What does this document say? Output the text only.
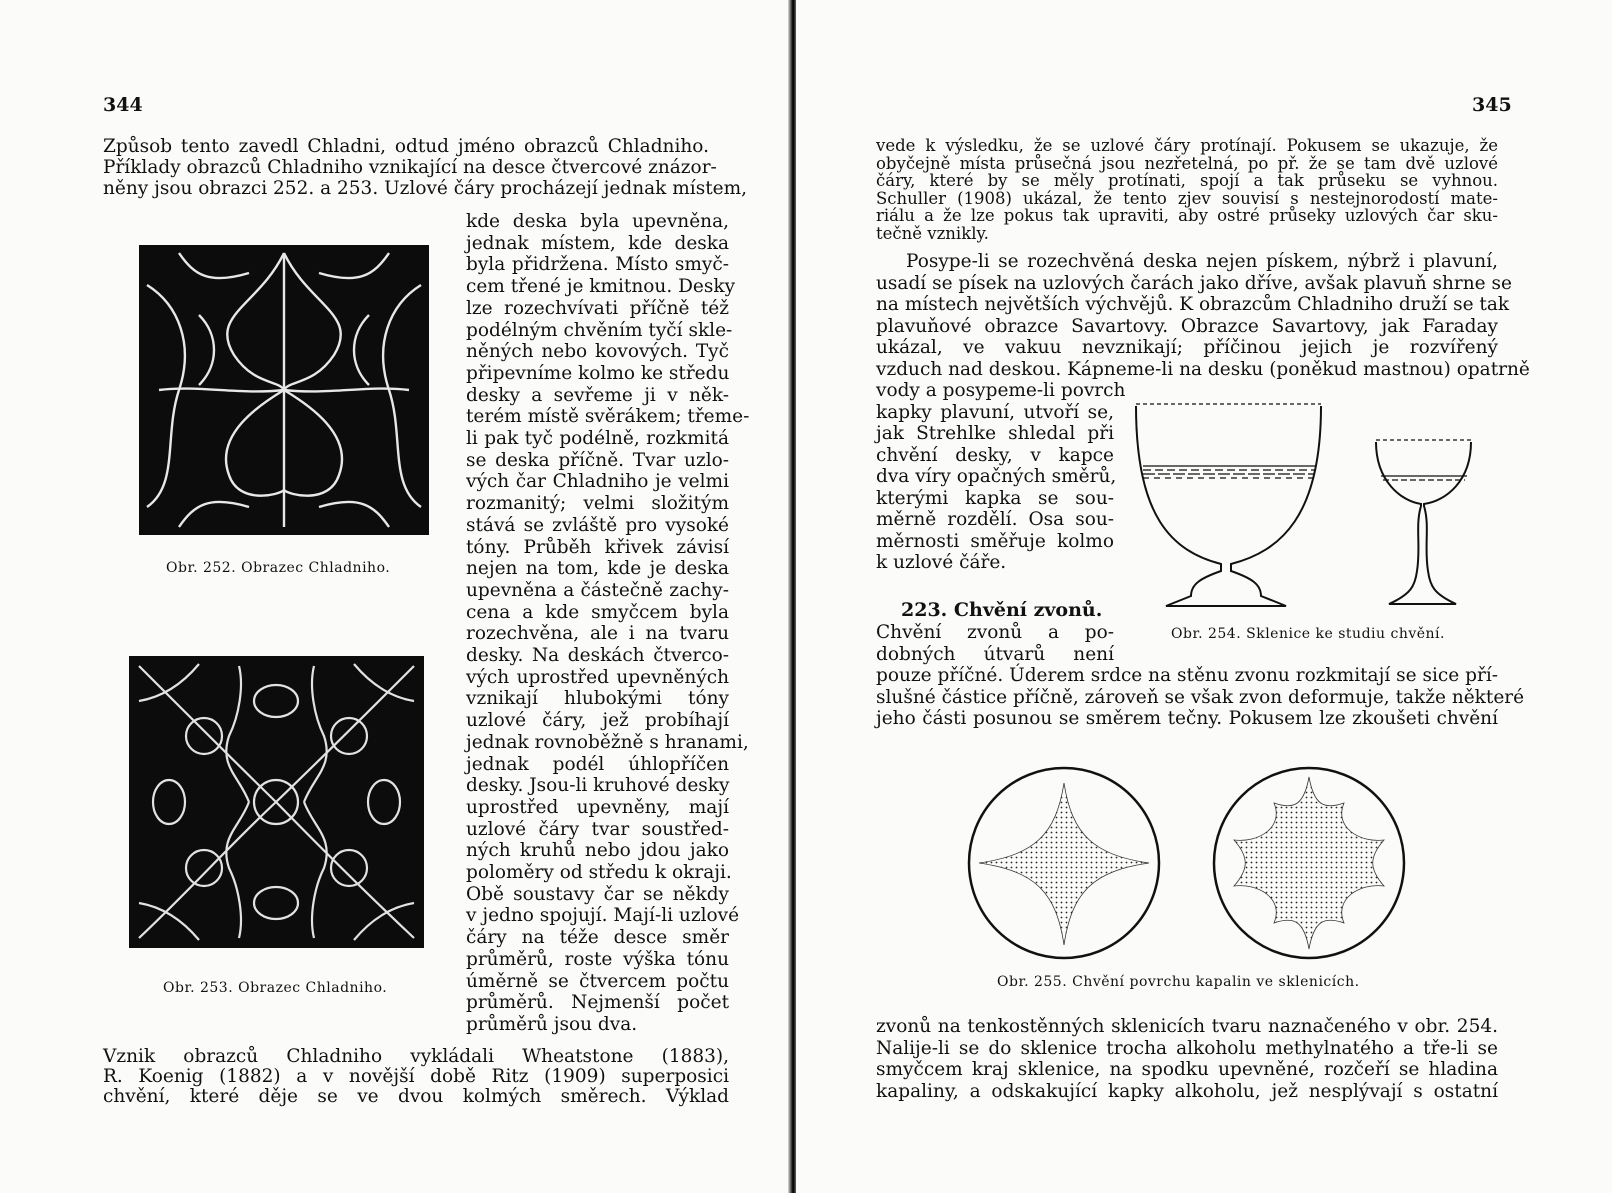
344
Způsob tento zavedl Chladni, odtud jméno obrazců Chladniho.
Příklady obrazců Chladniho vznikající na desce čtvercové znázor-
něny jsou obrazci 252. a 253. Uzlové čáry procházejí jednak místem,
Obr. 252. Obrazec Chladniho.
Obr. 253. Obrazec Chladniho.
kde deska byla upevněna,
jednak místem, kde deska
byla přidržena. Místo smyč-
cem třené je kmitnou. Desky
lze rozechvívati příčně též
podélným chvěním tyčí skle-
něných nebo kovových. Tyč
připevníme kolmo ke středu
desky a sevřeme ji v něk-
terém místě svěrákem; třeme-
li pak tyč podélně, rozkmitá
se deska příčně. Tvar uzlo-
vých čar Chladniho je velmi
rozmanitý; velmi složitým
stává se zvláště pro vysoké
tóny. Průběh křivek závisí
nejen na tom, kde je deska
upevněna a částečně zachy-
cena a kde smyčcem byla
rozechvěna, ale i na tvaru
desky. Na deskách čtverco-
vých uprostřed upevněných
vznikají hlubokými tóny
uzlové čáry, jež probíhají
jednak rovnoběžně s hranami,
jednak podél úhlopříčen
desky. Jsou-li kruhové desky
uprostřed upevněny, mají
uzlové čáry tvar soustřed-
ných kruhů nebo jdou jako
poloměry od středu k okraji.
Obě soustavy čar se někdy
v jedno spojují. Mají-li uzlové
čáry na téže desce směr
průměrů, roste výška tónu
úměrně se čtvercem počtu
průměrů. Nejmenší počet
průměrů jsou dva.
Vznik obrazců Chladniho vykládali Wheatstone (1883),
R. Koenig (1882) a v novější době Ritz (1909) superposici
chvění, které děje se ve dvou kolmých směrech. Výklad
345
vede k výsledku, že se uzlové čáry protínají. Pokusem se ukazuje, že
obyčejně místa průsečná jsou nezřetelná, po př. že se tam dvě uzlové
čáry, které by se měly protínati, spojí a tak průseku se vyhnou.
Schuller (1908) ukázal, že tento zjev souvisí s nestejnorodostí mate-
riálu a že lze pokus tak upraviti, aby ostré průseky uzlových čar sku-
tečně vznikly.
Posype-li se rozechvěná deska nejen pískem, nýbrž i plavuní,
usadí se písek na uzlových čarách jako dříve, avšak plavuň shrne se
na místech největších výchvějů. K obrazcům Chladniho druží se tak
plavuňové obrazce Savartovy. Obrazce Savartovy, jak Faraday
ukázal, ve vakuu nevznikají; příčinou jejich je rozvířený
vzduch nad deskou. Kápneme-li na desku (poněkud mastnou) opatrně
vody a posypeme-li povrch
kapky plavuní, utvoří se,
jak Strehlke shledal při
chvění desky, v kapce
dva víry opačných směrů,
kterými kapka se sou-
měrně rozdělí. Osa sou-
měrnosti směřuje kolmo
k uzlové čáře.
223. Chvění zvonů.
Chvění zvonů a po-
dobných útvarů není
Obr. 254. Sklenice ke studiu chvění.
pouze příčné. Úderem srdce na stěnu zvonu rozkmitají se sice pří-
slušné částice příčně, zároveň se však zvon deformuje, takže některé
jeho části posunou se směrem tečny. Pokusem lze zkoušeti chvění
Obr. 255. Chvění povrchu kapalin ve sklenicích.
zvonů na tenkostěnných sklenicích tvaru naznačeného v obr. 254.
Nalije-li se do sklenice trocha alkoholu methylnatého a tře-li se
smyčcem kraj sklenice, na spodku upevněné, rozčeří se hladina
kapaliny, a odskakující kapky alkoholu, jež nesplývají s ostatní
